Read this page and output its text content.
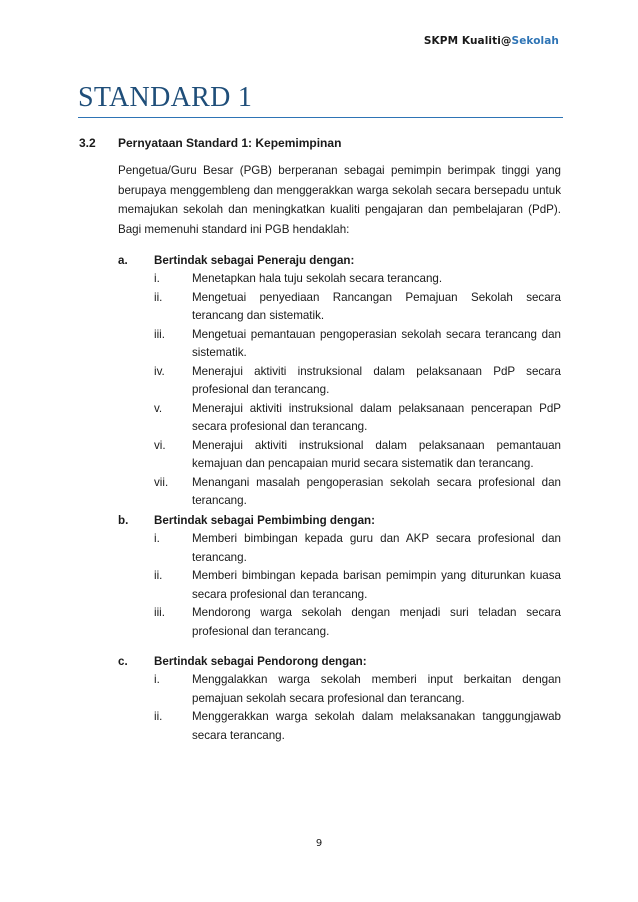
SKPM Kualiti@Sekolah
STANDARD 1
3.2 Pernyataan Standard 1: Kepemimpinan

Pengetua/Guru Besar (PGB) berperanan sebagai pemimpin berimpak tinggi yang berupaya menggembleng dan menggerakkan warga sekolah secara bersepadu untuk memajukan sekolah dan meningkatkan kualiti pengajaran dan pembelajaran (PdP). Bagi memenuhi standard ini PGB hendaklah:

a.	Bertindak sebagai Peneraju dengan:
i.	Menetapkan hala tuju sekolah secara terancang.
ii.	Mengetuai penyediaan Rancangan Pemajuan Sekolah secara terancang dan sistematik.
iii.	Mengetuai pemantauan pengoperasian sekolah secara terancang dan sistematik.
iv.	Menerajui aktiviti instruksional dalam pelaksanaan PdP secara profesional dan terancang.
v.	Menerajui aktiviti instruksional dalam pelaksanaan pencerapan PdP secara profesional dan terancang.
vi.	Menerajui aktiviti instruksional dalam pelaksanaan pemantauan kemajuan dan pencapaian murid secara sistematik dan terancang.
vii.	Menangani masalah pengoperasian sekolah secara profesional dan terancang.
b.	Bertindak sebagai Pembimbing dengan:
i.	Memberi bimbingan kepada guru dan AKP secara profesional dan terancang.
ii.	Memberi bimbingan kepada barisan pemimpin yang diturunkan kuasa secara profesional dan terancang.
iii.	Mendorong warga sekolah dengan menjadi suri teladan secara profesional dan terancang.
c.	Bertindak sebagai Pendorong dengan:
i.	Menggalakkan warga sekolah memberi input berkaitan dengan pemajuan sekolah secara profesional dan terancang.
ii.	Menggerakkan warga sekolah dalam melaksanakan tanggungjawab secara terancang.
9
